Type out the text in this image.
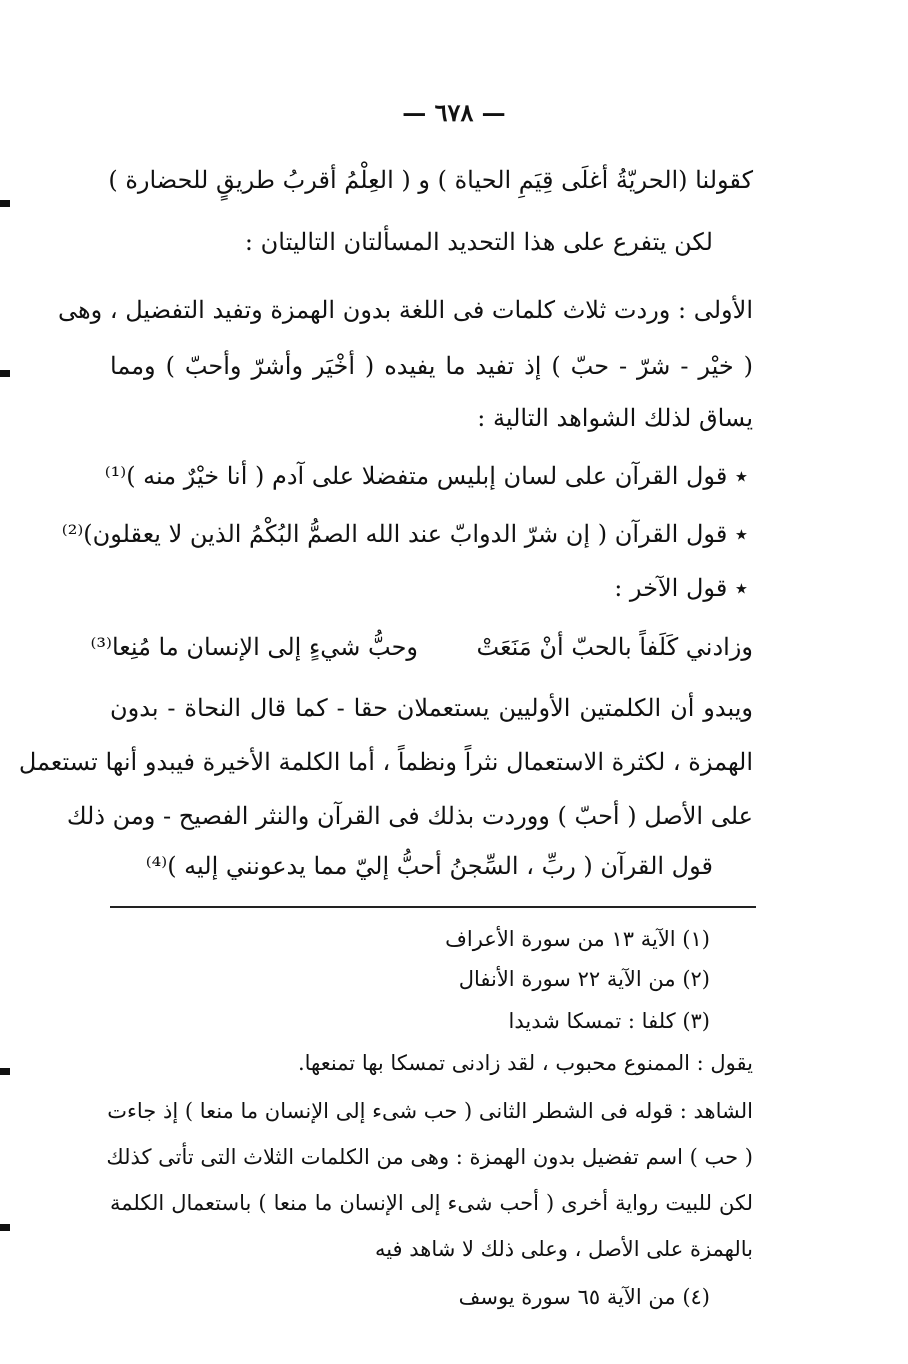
— ٦٧٨ —
كقولنا (الحريّةُ أغلَى قِيَمِ الحياة ) و ( العِلْمُ أقربُ طريقٍ للحضارة )
لكن يتفرع على هذا التحديد المسألتان التاليتان :
الأولى : وردت ثلاث كلمات فى اللغة بدون الهمزة وتفيد التفضيل ، وهى
( خيْر - شرّ - حبّ ) إذ تفيد ما يفيده ( أخْيَر وأشرّ وأحبّ ) ومما
يساق لذلك الشواهد التالية :
٭ قول القرآن على لسان إبليس متفضلا على آدم ( أنا خيْرٌ منه )⁽¹⁾
٭ قول القرآن ( إن شرّ الدوابّ عند الله الصمُّ البُكْمُ الذين لا يعقلون)⁽²⁾
٭ قول الآخر :
وزادني كَلَفاً بالحبّ أنْ مَنَعَتْ
وحبُّ شيءٍ إلى الإنسان ما مُنِعا⁽³⁾
ويبدو أن الكلمتين الأوليين يستعملان حقا - كما قال النحاة - بدون
الهمزة ، لكثرة الاستعمال نثراً ونظماً ، أما الكلمة الأخيرة فيبدو أنها تستعمل
على الأصل ( أحبّ ) ووردت بذلك فى القرآن والنثر الفصيح - ومن ذلك
قول القرآن ( ربِّ ، السِّجنُ أحبُّ إليّ مما يدعونني إليه )⁽⁴⁾
(١) الآية ١٣ من سورة الأعراف
(٢) من الآية ٢٢ سورة الأنفال
(٣) كلفا : تمسكا شديدا
يقول : الممنوع محبوب ، لقد زادنى تمسكا بها تمنعها.
الشاهد : قوله فى الشطر الثانى ( حب شىء إلى الإنسان ما منعا ) إذ جاءت
( حب ) اسم تفضيل بدون الهمزة : وهى من الكلمات الثلاث التى تأتى كذلك
لكن للبيت رواية أخرى ( أحب شىء إلى الإنسان ما منعا ) باستعمال الكلمة
بالهمزة على الأصل ، وعلى ذلك لا شاهد فيه
(٤) من الآية ٦٥ سورة يوسف
